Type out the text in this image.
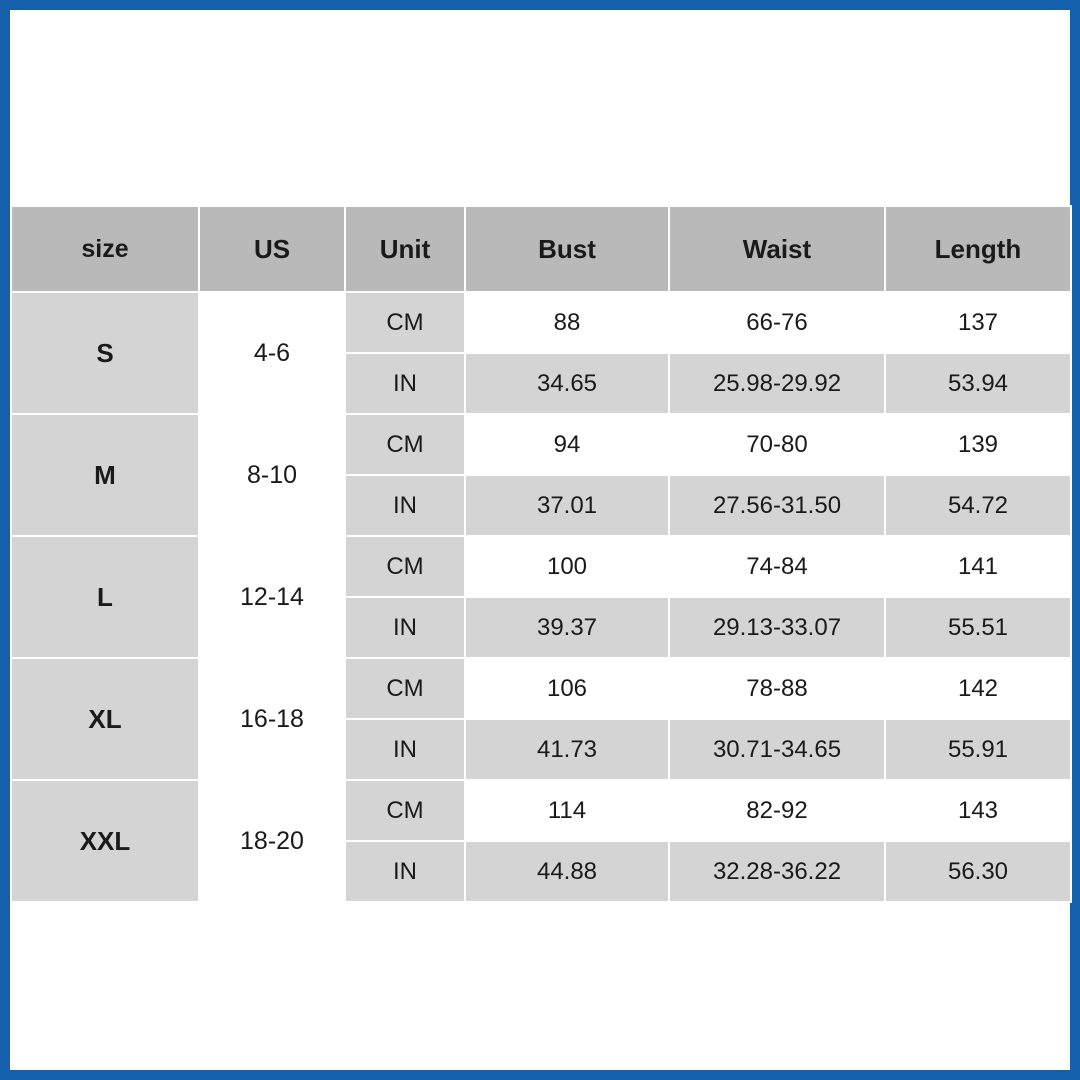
size	US	Unit	Bust	Waist	Length
S	4-6	CM	88	66-76	137
		IN	34.65	25.98-29.92	53.94
M	8-10	CM	94	70-80	139
		IN	37.01	27.56-31.50	54.72
L	12-14	CM	100	74-84	141
		IN	39.37	29.13-33.07	55.51
XL	16-18	CM	106	78-88	142
		IN	41.73	30.71-34.65	55.91
XXL	18-20	CM	114	82-92	143
		IN	44.88	32.28-36.22	56.30
